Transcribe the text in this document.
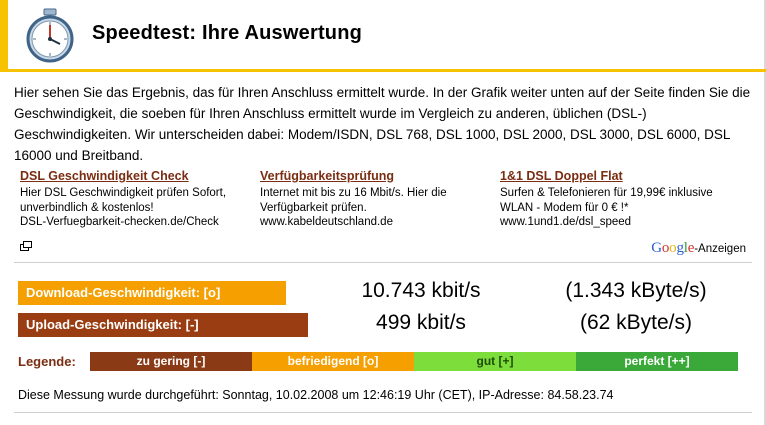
Speedtest: Ihre Auswertung
Hier sehen Sie das Ergebnis, das für Ihren Anschluss ermittelt wurde. In der Grafik weiter unten auf der Seite finden Sie die Geschwindigkeit, die soeben für Ihren Anschluss ermittelt wurde im Vergleich zu anderen, üblichen (DSL-) Geschwindigkeiten. Wir unterscheiden dabei: Modem/ISDN, DSL 768, DSL 1000, DSL 2000, DSL 3000, DSL 6000, DSL 16000 und Breitband.
DSL Geschwindigkeit Check
Hier DSL Geschwindigkeit prüfen Sofort, unverbindlich & kostenlos!
DSL-Verfuegbarkeit-checken.de/Check
Verfügbarkeitsprüfung
Internet mit bis zu 16 Mbit/s. Hier die Verfügbarkeit prüfen.
www.kabeldeutschland.de
1&1 DSL Doppel Flat
Surfen & Telefonieren für 19,99€ inklusive WLAN - Modem für 0 € !*
www.1und1.de/dsl_speed
Google-Anzeigen
Download-Geschwindigkeit: [o]	10.743 kbit/s	(1.343 kByte/s)
Upload-Geschwindigkeit: [-]	499 kbit/s	(62 kByte/s)
Legende:	zu gering [-]	befriedigend [o]	gut [+]	perfekt [++]
Diese Messung wurde durchgeführt: Sonntag, 10.02.2008 um 12:46:19 Uhr (CET), IP-Adresse: 84.58.23.74
